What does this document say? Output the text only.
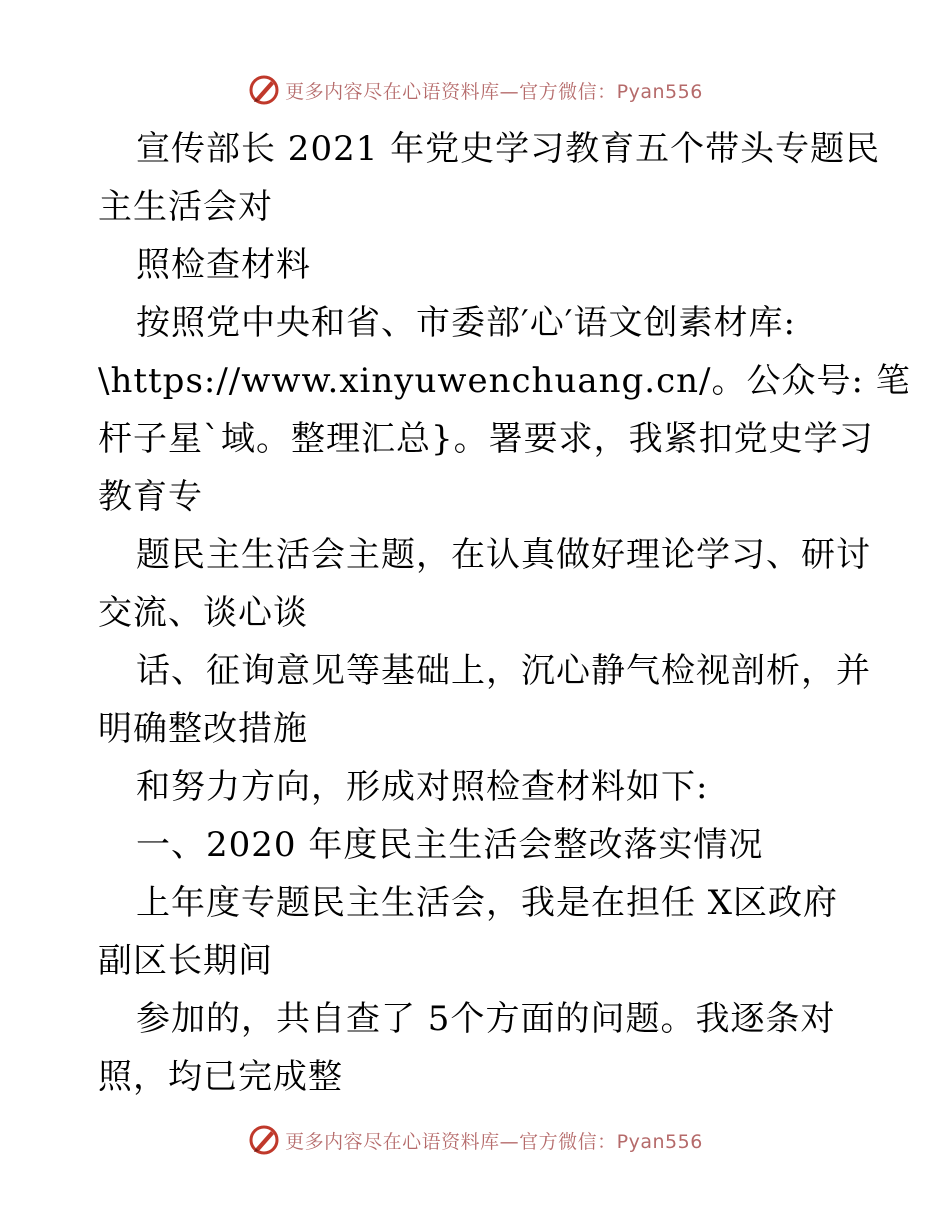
更多内容尽在心语资料库—官方微信：Pyan556
宣传部长 2021 年党史学习教育五个带头专题民
主生活会对
照检查材料
按照党中央和省、市委部′心′语文创素材库:
\https://www.xinyuwenchuang.cn/。公众号: 笔
杆子星`域。整理汇总}。署要求，我紧扣党史学习
教育专
题民主生活会主题，在认真做好理论学习、研讨
交流、谈心谈
话、征询意见等基础上，沉心静气检视剖析，并
明确整改措施
和努力方向，形成对照检查材料如下:
一、2020 年度民主生活会整改落实情况
上年度专题民主生活会，我是在担任 X区政府
副区长期间
参加的，共自查了 5个方面的问题。我逐条对
照，均已完成整
更多内容尽在心语资料库—官方微信：Pyan556
